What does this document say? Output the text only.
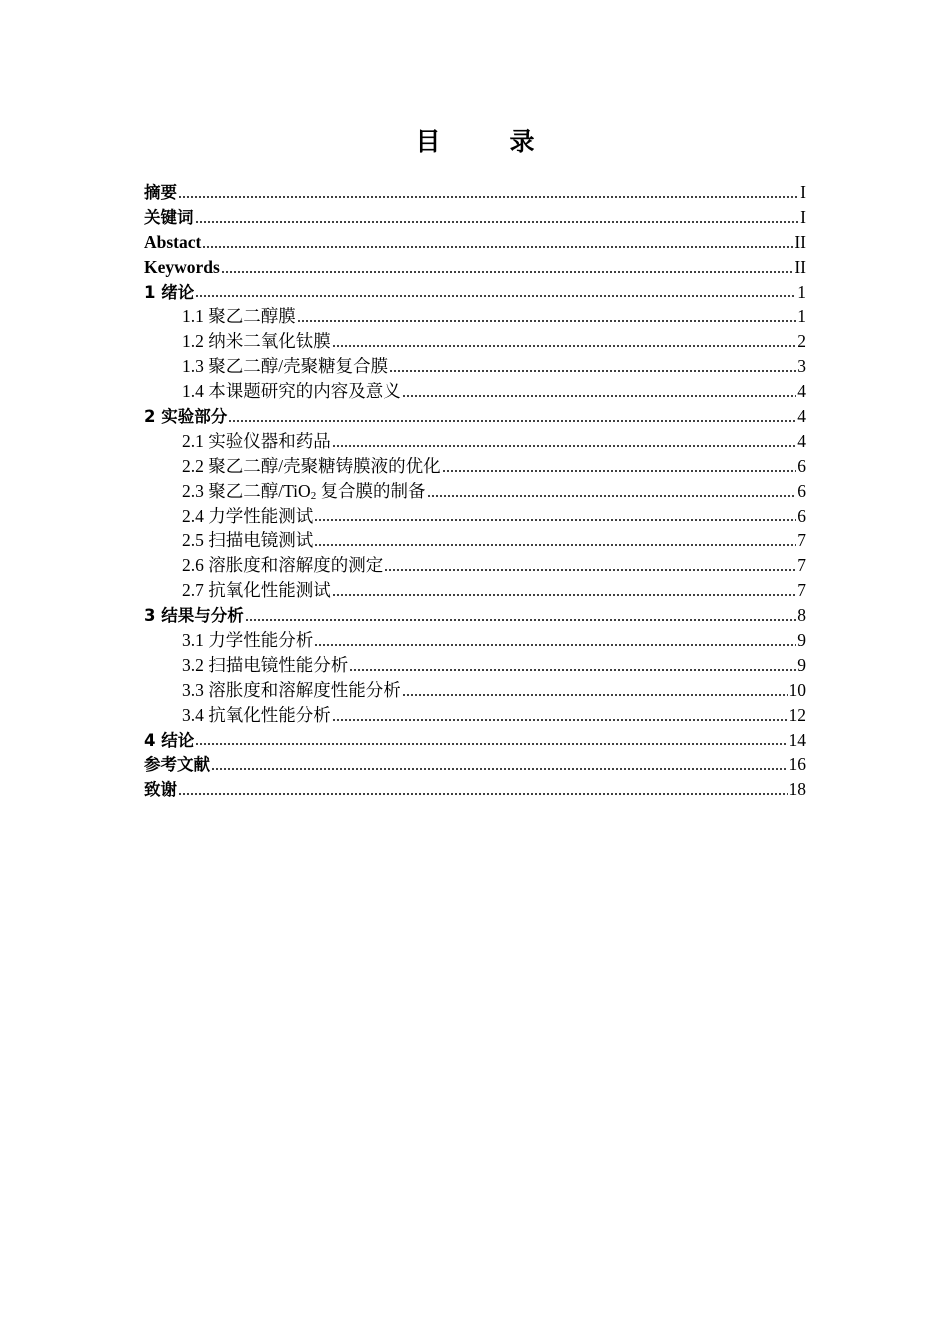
目　录
摘要	I
关键词	I
Abstact	II
Keywords	II
1 绪论	1
1.1 聚乙二醇膜	1
1.2 纳米二氧化钛膜	2
1.3 聚乙二醇/壳聚糖复合膜	3
1.4 本课题研究的内容及意义	4
2 实验部分	4
2.1 实验仪器和药品	4
2.2 聚乙二醇/壳聚糖铸膜液的优化	6
2.3 聚乙二醇/TiO$_2$ 复合膜的制备	6
2.4 力学性能测试	6
2.5 扫描电镜测试	7
2.6 溶胀度和溶解度的测定	7
2.7 抗氧化性能测试	7
3 结果与分析	8
3.1 力学性能分析	9
3.2 扫描电镜性能分析	9
3.3 溶胀度和溶解度性能分析	10
3.4 抗氧化性能分析	12
4 结论	14
参考文献	16
致谢	18
